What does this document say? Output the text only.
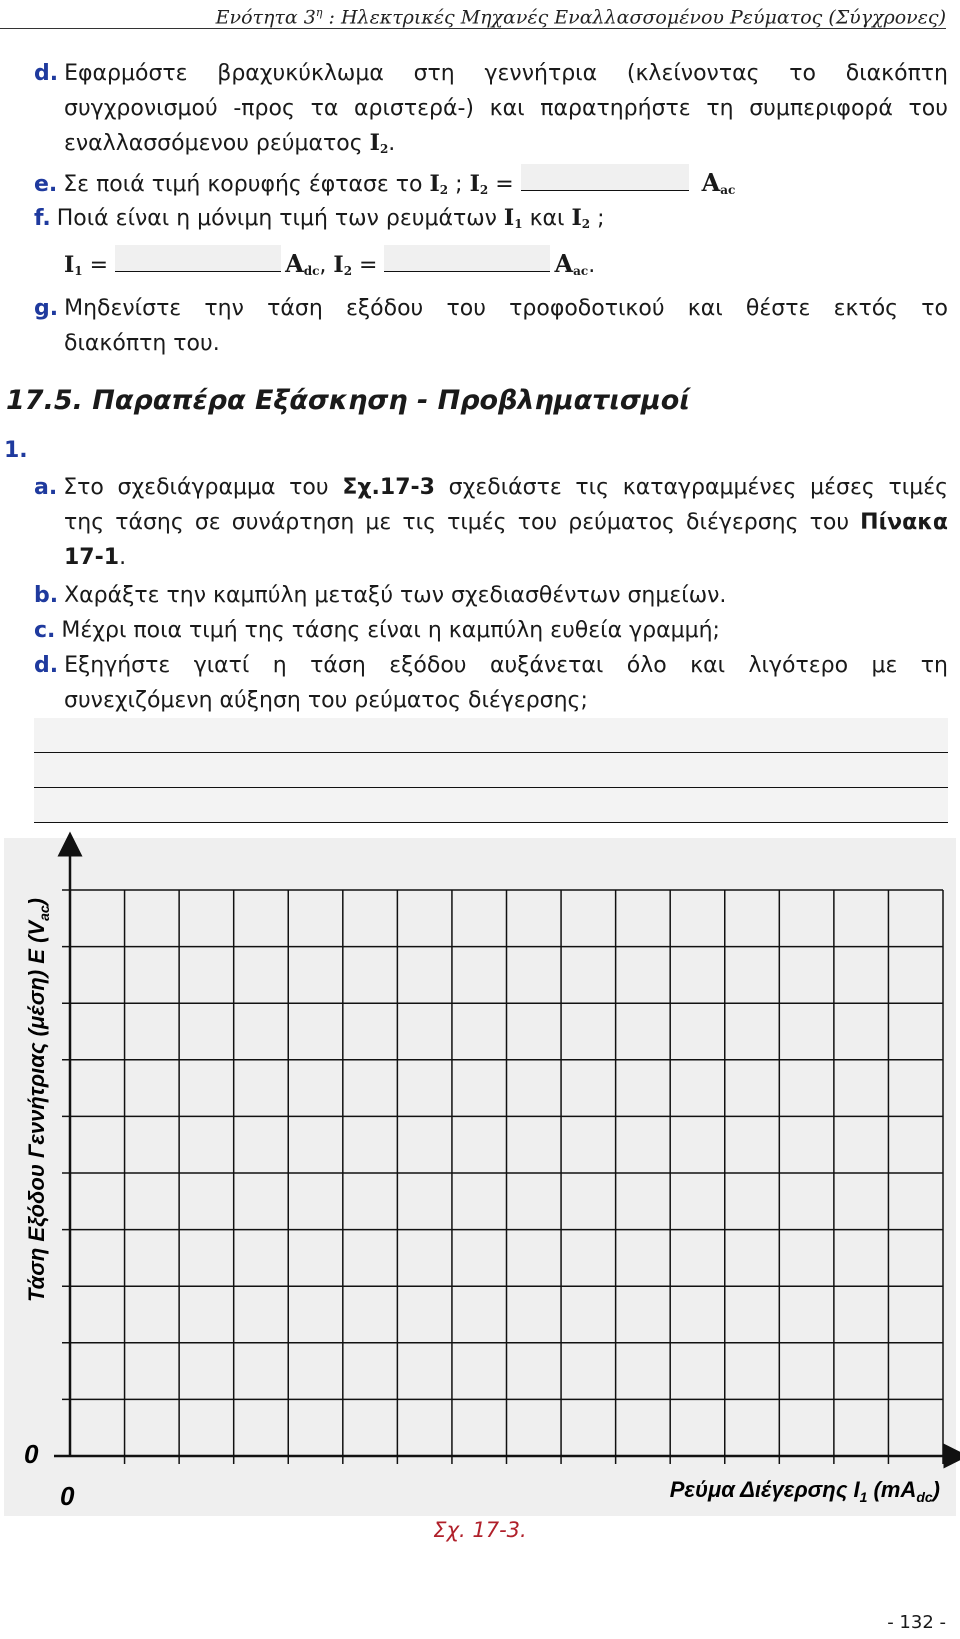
Ενότητα $3^\eta$ : Ηλεκτρικές Μηχανές Εναλλασσομένου Ρεύματος (Σύγχρονες)
d. Εφαρμόστε βραχυκύκλωμα στη γεννήτρια (κλείνοντας το διακόπτη
συγχρονισμού -προς τα αριστερά-) και παρατηρήστε τη συμπεριφορά του
εναλλασσόμενου ρεύματος $I_2$.
e. Σε ποιά τιμή κορυφής έφτασε το $I_2$ ; $I_2$ =	$A_{ac}$
f. Ποιά είναι η μόνιμη τιμή των ρευμάτων $I_1$ και $I_2$ ;
$I_1$ =	$A_{dc}$, $I_2$ =	$A_{ac}$.
g. Μηδενίστε την τάση εξόδου του τροφοδοτικού και θέστε εκτός το
διακόπτη του.
17.5. Παραπέρα Εξάσκηση - Προβληματισμοί
1.
a. Στο σχεδιάγραμμα του Σχ.17-3 σχεδιάστε τις καταγραμμένες μέσες τιμές
της τάσης σε συνάρτηση με τις τιμές του ρεύματος διέγερσης του Πίνακα
17-1.
b. Χαράξτε την καμπύλη μεταξύ των σχεδιασθέντων σημείων.
c. Μέχρι ποια τιμή της τάσης είναι η καμπύλη ευθεία γραμμή;
d. Εξηγήστε γιατί η τάση εξόδου αυξάνεται όλο και λιγότερο με τη
συνεχιζόμενη αύξηση του ρεύματος διέγερσης;
0
0
Τάση Εξόδου Γεννήτριας (μέση) E $(V_{ac})$
Ρεύμα Διέγερσης $I_1$ $(mA_{dc})$
Σχ. 17-3.
- 132 -
